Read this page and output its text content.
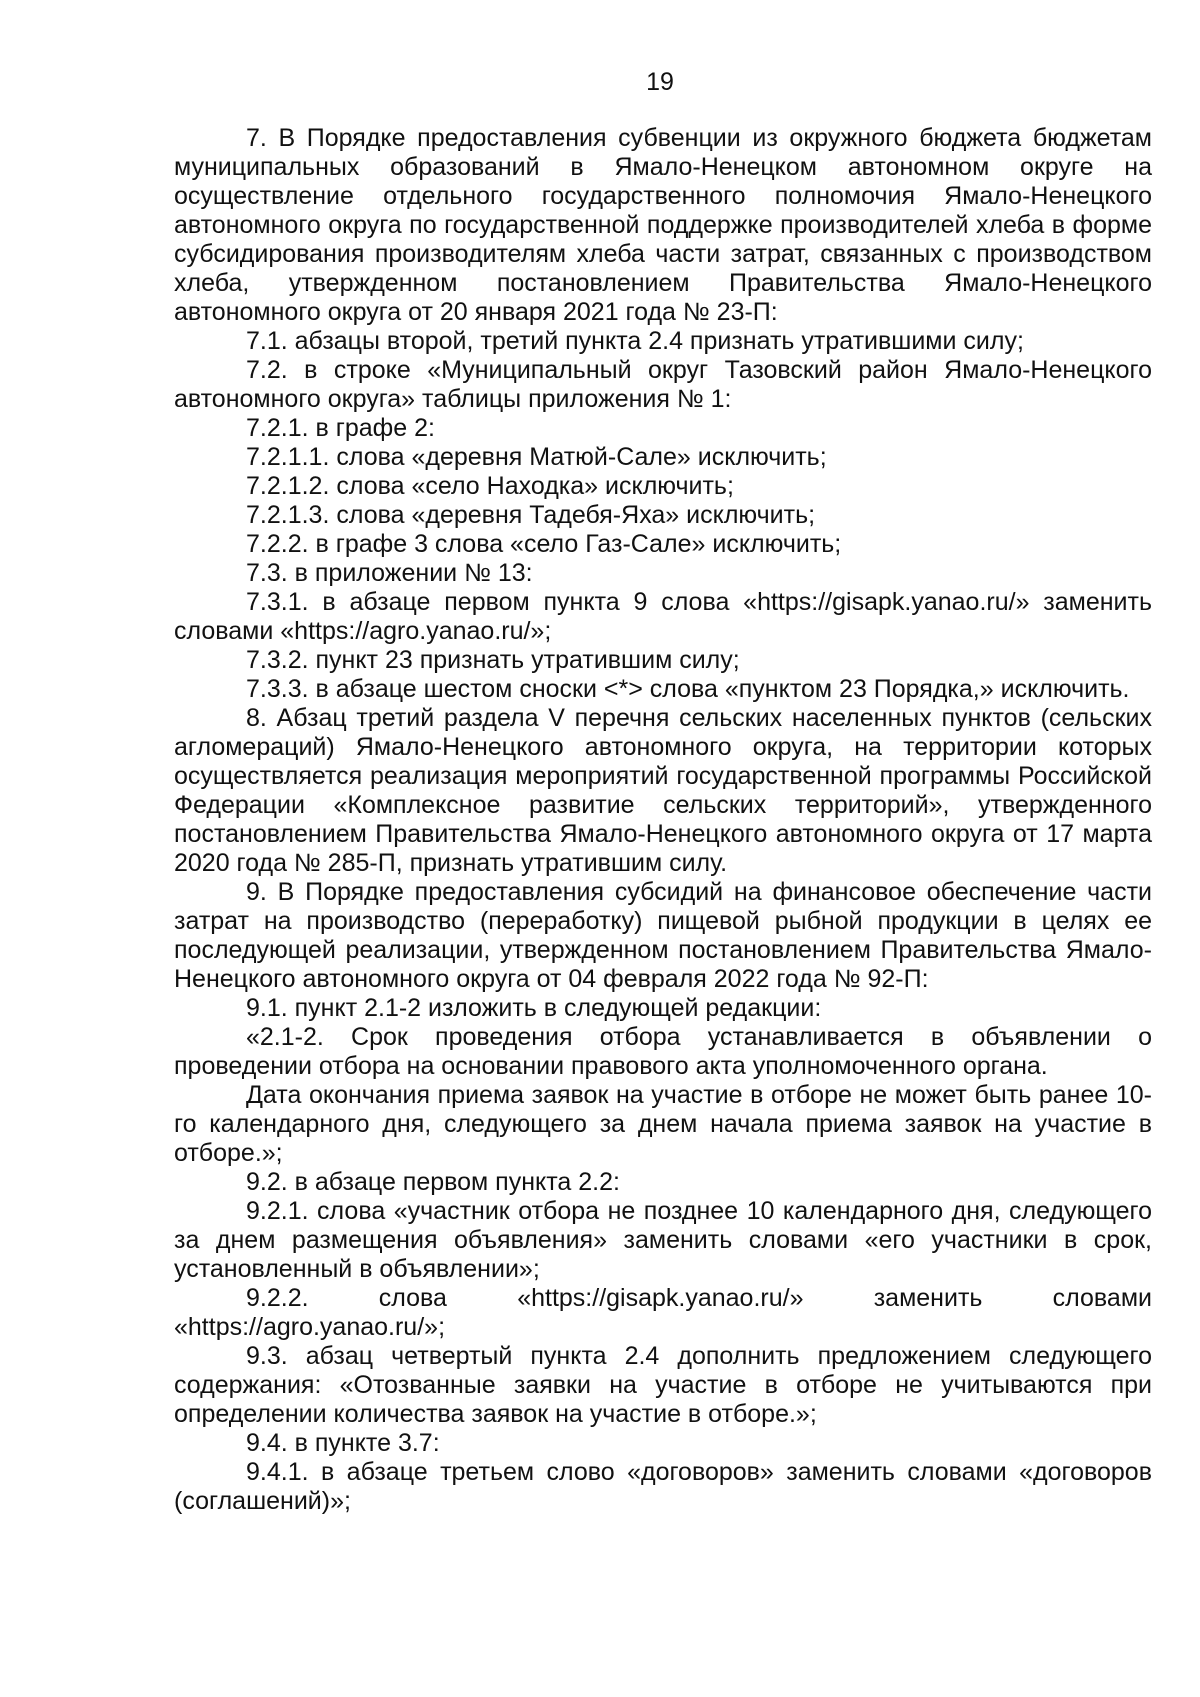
19

7. В Порядке предоставления субвенции из окружного бюджета бюджетам муниципальных образований в Ямало-Ненецком автономном округе на осуществление отдельного государственного полномочия Ямало-Ненецкого автономного округа по государственной поддержке производителей хлеба в форме субсидирования производителям хлеба части затрат, связанных с производством хлеба, утвержденном постановлением Правительства Ямало-Ненецкого автономного округа от 20 января 2021 года № 23-П:

7.1. абзацы второй, третий пункта 2.4 признать утратившими силу;

7.2. в строке «Муниципальный округ Тазовский район Ямало-Ненецкого автономного округа» таблицы приложения № 1:

7.2.1. в графе 2:

7.2.1.1. слова «деревня Матюй-Сале» исключить;

7.2.1.2. слова «село Находка» исключить;

7.2.1.3. слова «деревня Тадебя-Яха» исключить;

7.2.2. в графе 3 слова «село Газ-Сале» исключить;

7.3. в приложении № 13:

7.3.1. в абзаце первом пункта 9 слова «https://gisapk.yanao.ru/» заменить словами «https://agro.yanao.ru/»;

7.3.2. пункт 23 признать утратившим силу;

7.3.3. в абзаце шестом сноски <*> слова «пунктом 23 Порядка,» исключить.

8. Абзац третий раздела V перечня сельских населенных пунктов (сельских агломераций) Ямало-Ненецкого автономного округа, на территории которых осуществляется реализация мероприятий государственной программы Российской Федерации «Комплексное развитие сельских территорий», утвержденного постановлением Правительства Ямало-Ненецкого автономного округа от 17 марта 2020 года № 285-П, признать утратившим силу.

9. В Порядке предоставления субсидий на финансовое обеспечение части затрат на производство (переработку) пищевой рыбной продукции в целях ее последующей реализации, утвержденном постановлением Правительства Ямало-Ненецкого автономного округа от 04 февраля 2022 года № 92-П:

9.1. пункт 2.1-2 изложить в следующей редакции:

«2.1-2. Срок проведения отбора устанавливается в объявлении о проведении отбора на основании правового акта уполномоченного органа.

Дата окончания приема заявок на участие в отборе не может быть ранее 10-го календарного дня, следующего за днем начала приема заявок на участие в отборе.»;

9.2. в абзаце первом пункта 2.2:

9.2.1. слова «участник отбора не позднее 10 календарного дня, следующего за днем размещения объявления» заменить словами «его участники в срок, установленный в объявлении»;

9.2.2. слова «https://gisapk.yanao.ru/» заменить словами «https://agro.yanao.ru/»;

9.3. абзац четвертый пункта 2.4 дополнить предложением следующего содержания: «Отозванные заявки на участие в отборе не учитываются при определении количества заявок на участие в отборе.»;

9.4. в пункте 3.7:

9.4.1. в абзаце третьем слово «договоров» заменить словами «договоров (соглашений)»;
